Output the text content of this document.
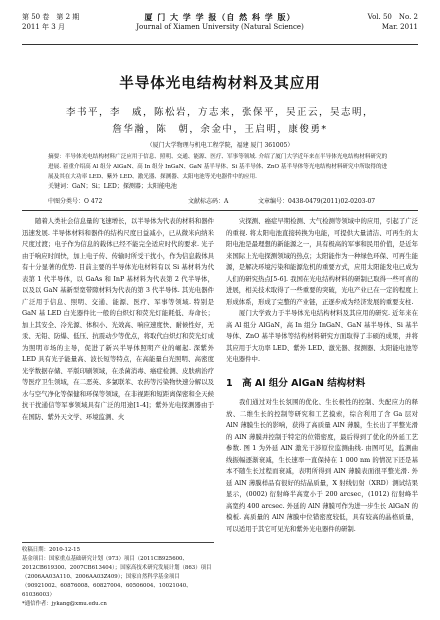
第 50 卷　第 2 期
2011 年 3 月
厦 门 大 学 学 报（自 然 科 学 版）
Journal of Xiamen University (Natural Science)
Vol. 50　No. 2
Mar. 2011
半导体光电结构材料及其应用
李书平，李　威，陈松岩，方志来，张保平，吴正云，吴志明，
詹华瀚，陈　朝，余金中，王启明，康俊勇*
（厦门大学物理与机电工程学院，福建 厦门 361005）
摘要：半导体光电结构材料广泛应用于信息、照明、交通、能源、医疗、军事等领域. 介绍了厦门大学近年来在半导体光电结构材料研究的进展. 着重介绍高 Al 组分 AlGaN、高 In 组分 InGaN、GaN 基半导体、Si 基半导体、ZnO 基半导体等光电结构材料研究中所取得的进展及其在大功率 LED、紫外 LED、激光器、探测器、太阳电池等光电器件中的应用.
关键词：GaN；Si；LED；探测器；太阳能电池
中图分类号：O 472	文献标志码：A	文章编号：0438-0479(2011)02-0203-07

随着人类社会信息量的飞速增长，以半导体为代表的材料和器件迅速发展. 半导体材料和器件的结构尺度日益减小，已从微米向纳米尺度过渡；电子作为信息的载体已经不能完全适应时代的要求. 光子由于响应时间快，加上电子传、传输时所受干扰小，作为信息载体具有十分显著的优势. 目前主要的半导体光电材料有以 Si 基材料为代表第 1 代半导体，以 GaAs 和 InP 基材料为代表第 2 代半导体，以及以 GaN 基新型宽带隙材料为代表的第 3 代半导体. 其光电器件广泛用于信息、照明、交通、能源、医疗、军事等领域. 特别是 GaN 基 LED 白光器件比一般的白炽灯和荧光灯能耗低、寿命长；加上其安全、冷光源、体积小、光效高、响应速度快、耐候性好，无汞、无铅、防爆、低压、抗震动少等优点，将取代白炽灯和荧光灯成为照明市场的主导，促进了新兴半导体照明产业的崛起. 深紫外 LED 具有光子能量高、波长短等特点，在高能量白光照明、高密度光学数据存储、平版印刷领域，在杀菌消毒、癌症检测、皮肤病治疗等医疗卫生领域，在二恶英、多氯联苯、农药等污染物快速分解以及水与空气净化等保健和环保等领域，在非视距和短距离保密和全天候抗干扰通信等军事领域具有广泛的用途[1-4]；紫外光电探测器由于在国防、紫外天文学、环境监测、火

灾探测、癌症早期检测、大气检测等领域中的应用，引起了广泛的重视. 将太阳电池直接转换为电能，可提供大量清洁、可再生的太阳电池是最理想的新能源之一，具有极高的军事和民用价值，是近年来国际上光电探测领域的热点；太阳能作为一种绿色环保、可再生能源，是解决环境污染和能源危机的重要方式，应用太阳能发电已成为人们的研究热点[5-6]. 我国在光电结构材料的研制已取得一些可喜的进展，相关技术取得了一些重要的突破，光电产业已在一定的程度上形成体系，形成了完整的产业链，正逐步成为经济发展的重要支柱.

厦门大学致力于半导体光电结构材料及其应用的研究. 近年来在高 Al 组分 AlGaN，高 In 组分 InGaN、GaN 基半导体、Si 基半导体、ZnO 基半导体等结构材料研究方面取得了丰硕的成果，并将其应用于大功率 LED、紫外 LED、激光器、探测器、太阳能电池等光电器件中.

1　高 Al 组分 AlGaN 结构材料

我们通过对生长氛围的优化、生长极性的控制、失配应力的释放、二维生长的控制等研究和工艺摸索，综合利用了含 Ga 层对 AlN 薄膜生长的影响，获得了高质量 AlN 薄膜，生长出了平整光滑的 AlN 薄膜并控制于特定的位错密度，最后得到了优化的外延工艺参数. 图 1 为外延 AlN 激光干涉原位监测曲线. 由图可见，监测曲线振幅逐渐衰减，生长速率一直保持在 1 000 nm 的情况下还是基本不随生长过程而衰减，表明所得到 AlN 薄膜表面很平整光滑. 外延 AlN 薄膜样品有很好的结晶质量，X 射线衍射（XRD）测试结果显示，(0002) 衍射峰半高宽小于 200 arcsec，(1012) 衍射峰半高宽约 400 arcsec. 外延的 AlN 薄膜可作为进一步生长 AlGaN 的模板. 高质量的 AlN 薄膜中位错密度较低，具有较高的晶格质量，可以适用于其它可见光和紫外光电器件的研制.

收稿日期：2010-12-15
基金项目：国家重点基础研究计划（973）项目（2011CB925600、2012CB619300、2007CB613404）；国家高技术研究发展计划（863）项目（2006AA03A110、2006AA03Z409）；国家自然科学基金项目（90921002、60876008、60827004、60506004、10021040、61036003）
*通信作者：jykang@xmu.edu.cn
